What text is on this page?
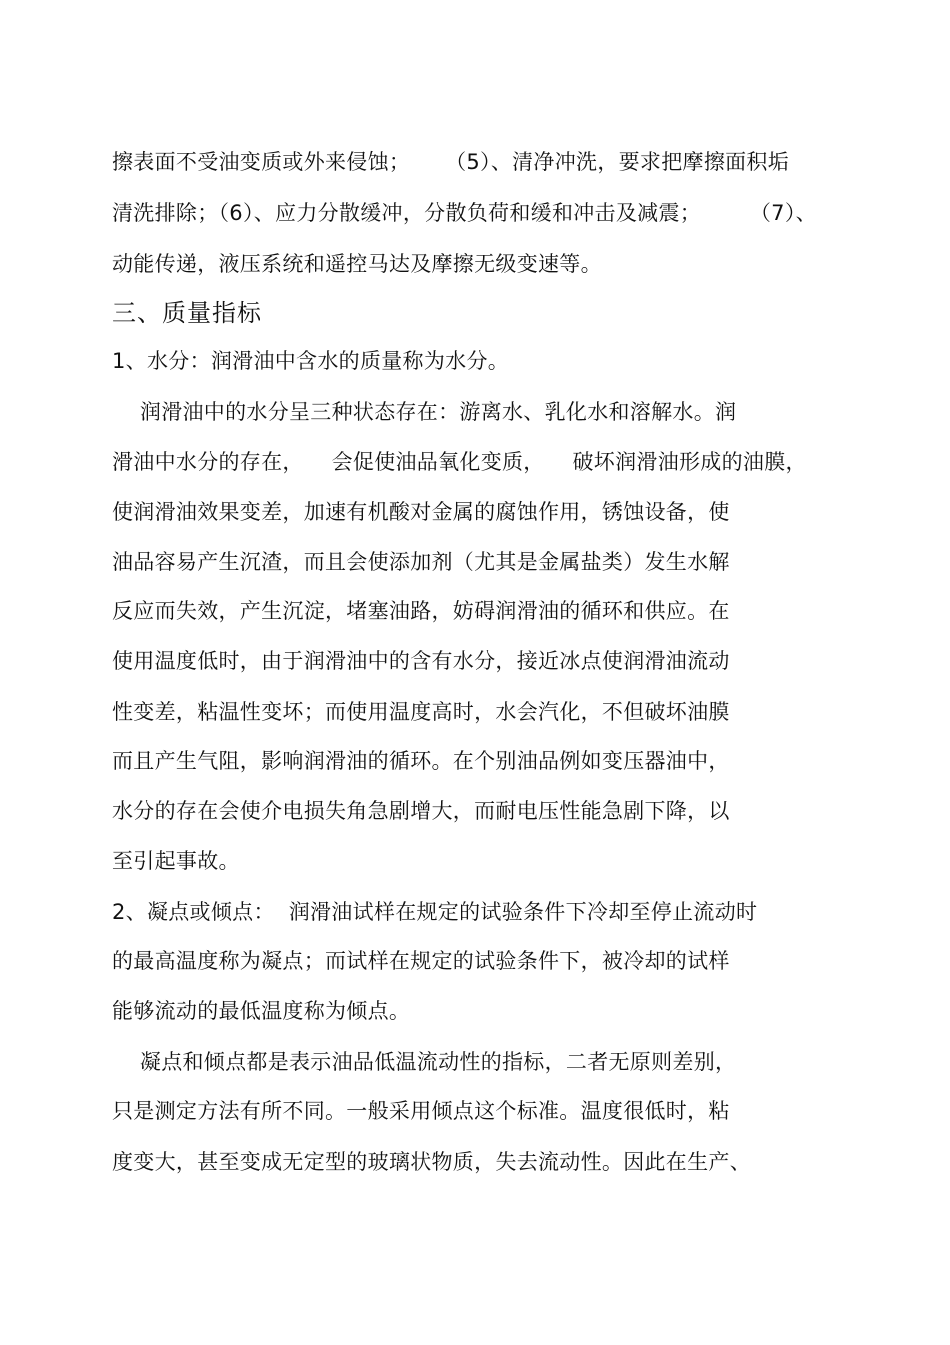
擦表面不受油变质或外来侵蚀；     （5）、清净冲洗，要求把摩擦面积垢
清洗排除；（6）、应力分散缓冲，分散负荷和缓和冲击及减震；       （7）、
动能传递，液压系统和遥控马达及摩擦无级变速等。
三、质量指标
1、水分：润滑油中含水的质量称为水分。
润滑油中的水分呈三种状态存在：游离水、乳化水和溶解水。润
滑油中水分的存在，    会促使油品氧化变质，    破坏润滑油形成的油膜，
使润滑油效果变差，加速有机酸对金属的腐蚀作用，锈蚀设备，使
油品容易产生沉渣，而且会使添加剂（尤其是金属盐类）发生水解
反应而失效，产生沉淀，堵塞油路，妨碍润滑油的循环和供应。在
使用温度低时，由于润滑油中的含有水分，接近冰点使润滑油流动
性变差，粘温性变坏；而使用温度高时，水会汽化，不但破坏油膜
而且产生气阻，影响润滑油的循环。在个别油品例如变压器油中，
水分的存在会使介电损失角急剧增大，而耐电压性能急剧下降，以
至引起事故。
2、凝点或倾点：  润滑油试样在规定的试验条件下冷却至停止流动时
的最高温度称为凝点；而试样在规定的试验条件下，被冷却的试样
能够流动的最低温度称为倾点。
凝点和倾点都是表示油品低温流动性的指标，二者无原则差别，
只是测定方法有所不同。一般采用倾点这个标准。温度很低时，粘
度变大，甚至变成无定型的玻璃状物质，失去流动性。因此在生产、
